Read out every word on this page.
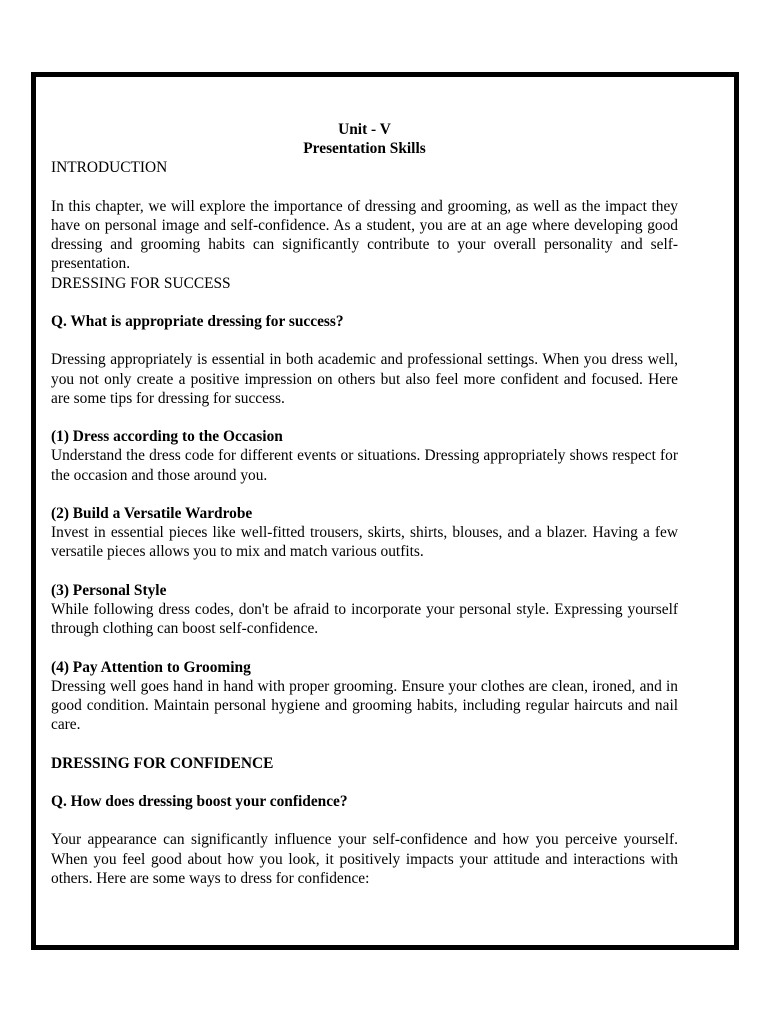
Unit - V

Presentation Skills

INTRODUCTION

In this chapter, we will explore the importance of dressing and grooming, as well as the impact they have on personal image and self-confidence. As a student, you are at an age where developing good dressing and grooming habits can significantly contribute to your overall personality and self-presentation.

DRESSING FOR SUCCESS

Q. What is appropriate dressing for success?

Dressing appropriately is essential in both academic and professional settings. When you dress well, you not only create a positive impression on others but also feel more confident and focused. Here are some tips for dressing for success.

(1) Dress according to the Occasion

Understand the dress code for different events or situations. Dressing appropriately shows respect for the occasion and those around you.

(2) Build a Versatile Wardrobe

Invest in essential pieces like well-fitted trousers, skirts, shirts, blouses, and a blazer. Having a few versatile pieces allows you to mix and match various outfits.

(3) Personal Style

While following dress codes, don't be afraid to incorporate your personal style. Expressing yourself through clothing can boost self-confidence.

(4) Pay Attention to Grooming

Dressing well goes hand in hand with proper grooming. Ensure your clothes are clean, ironed, and in good condition. Maintain personal hygiene and grooming habits, including regular haircuts and nail care.

DRESSING FOR CONFIDENCE

Q. How does dressing boost your confidence?

Your appearance can significantly influence your self-confidence and how you perceive yourself. When you feel good about how you look, it positively impacts your attitude and interactions with others. Here are some ways to dress for confidence:
